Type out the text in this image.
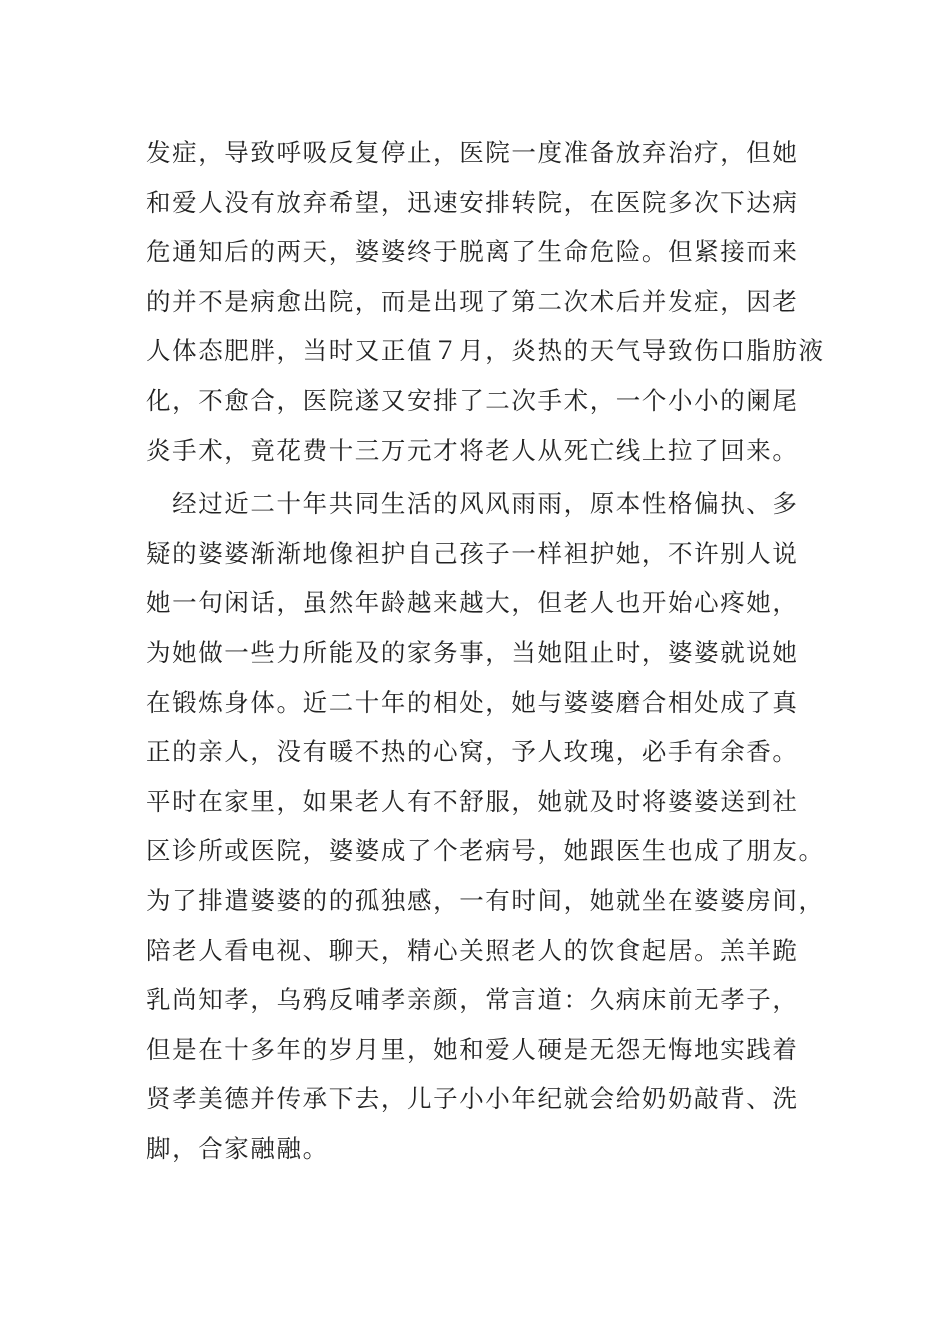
发症，导致呼吸反复停止，医院一度准备放弃治疗，但她
和爱人没有放弃希望，迅速安排转院，在医院多次下达病
危通知后的两天，婆婆终于脱离了生命危险。但紧接而来
的并不是病愈出院，而是出现了第二次术后并发症，因老
人体态肥胖，当时又正值７月，炎热的天气导致伤口脂肪液
化，不愈合，医院遂又安排了二次手术，一个小小的阑尾
炎手术，竟花费十三万元才将老人从死亡线上拉了回来。
　经过近二十年共同生活的风风雨雨，原本性格偏执、多
疑的婆婆渐渐地像袒护自己孩子一样袒护她，不许别人说
她一句闲话，虽然年龄越来越大，但老人也开始心疼她，
为她做一些力所能及的家务事，当她阻止时，婆婆就说她
在锻炼身体。近二十年的相处，她与婆婆磨合相处成了真
正的亲人，没有暖不热的心窝，予人玫瑰，必手有余香。
平时在家里，如果老人有不舒服，她就及时将婆婆送到社
区诊所或医院，婆婆成了个老病号，她跟医生也成了朋友。
为了排遣婆婆的的孤独感，一有时间，她就坐在婆婆房间，
陪老人看电视、聊天，精心关照老人的饮食起居。羔羊跪
乳尚知孝，乌鸦反哺孝亲颜，常言道：久病床前无孝子，
但是在十多年的岁月里，她和爱人硬是无怨无悔地实践着
贤孝美德并传承下去，儿子小小年纪就会给奶奶敲背、洗
脚，合家融融。
